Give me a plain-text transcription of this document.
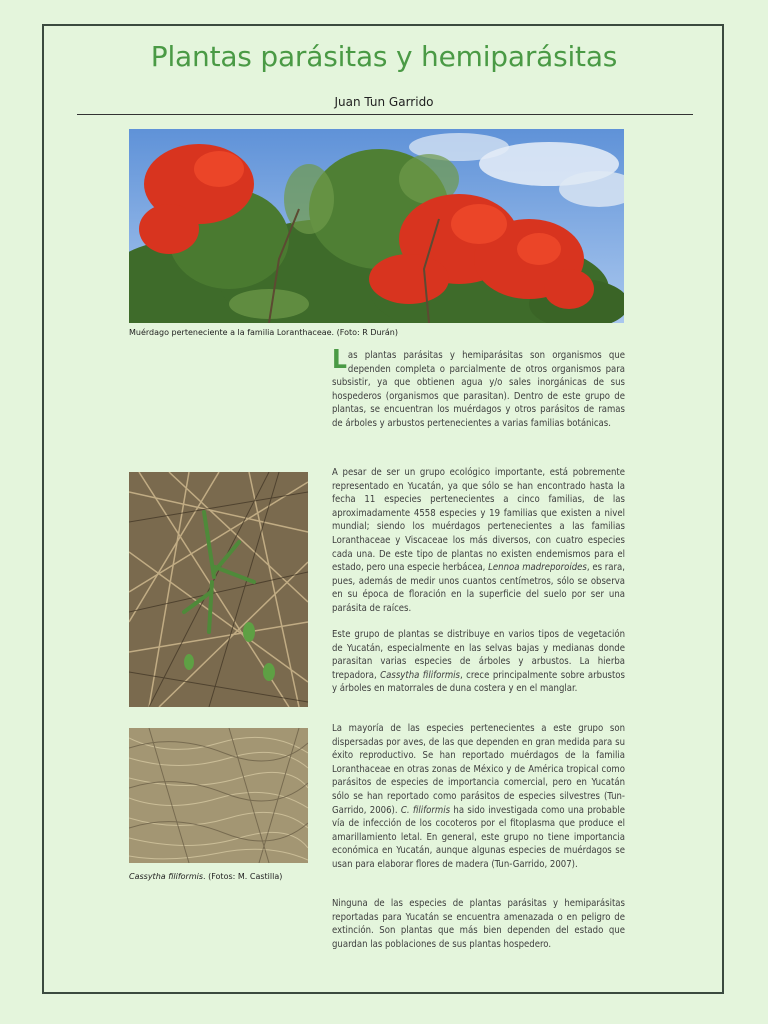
Plantas parásitas y hemiparásitas

Juan Tun Garrido

Muérdago perteneciente a la familia Loranthaceae. (Foto: R Durán)
Cassytha filiformis. (Fotos: M. Castilla)

Las plantas parásitas y hemiparásitas son organismos que dependen completa o parcialmente de otros organismos para subsistir, ya que obtienen agua y/o sales inorgánicas de sus hospederos (organismos que parasitan). Dentro de este grupo de plantas, se encuentran los muérdagos y otros parásitos de ramas de árboles y arbustos pertenecientes a varias familias botánicas.

A pesar de ser un grupo ecológico importante, está pobremente representado en Yucatán, ya que sólo se han encontrado hasta la fecha 11 especies pertenecientes a cinco familias, de las aproximadamente 4558 especies y 19 familias que existen a nivel mundial; siendo los muérdagos pertenecientes a las familias Loranthaceae y Viscaceae los más diversos, con cuatro especies cada una. De este tipo de plantas no existen endemismos para el estado, pero una especie herbácea, Lennoa madreporoides, es rara, pues, además de medir unos cuantos centímetros, sólo se observa en su época de floración en la superficie del suelo por ser una parásita de raíces.

Este grupo de plantas se distribuye en varios tipos de vegetación de Yucatán, especialmente en las selvas bajas y medianas donde parasitan varias especies de árboles y arbustos. La hierba trepadora, Cassytha filiformis, crece principalmente sobre arbustos y árboles en matorrales de duna costera y en el manglar.

La mayoría de las especies pertenecientes a este grupo son dispersadas por aves, de las que dependen en gran medida para su éxito reproductivo. Se han reportado muérdagos de la familia Loranthaceae en otras zonas de México y de América tropical como parásitos de especies de importancia comercial, pero en Yucatán sólo se han reportado como parásitos de especies silvestres (Tun-Garrido, 2006). C. filiformis ha sido investigada como una probable vía de infección de los cocoteros por el fitoplasma que produce el amarillamiento letal. En general, este grupo no tiene importancia económica en Yucatán, aunque algunas especies de muérdagos se usan para elaborar flores de madera (Tun-Garrido, 2007).

Ninguna de las especies de plantas parásitas y hemiparásitas reportadas para Yucatán se encuentra amenazada o en peligro de extinción. Son plantas que más bien dependen del estado que guardan las poblaciones de sus plantas hospedero.
